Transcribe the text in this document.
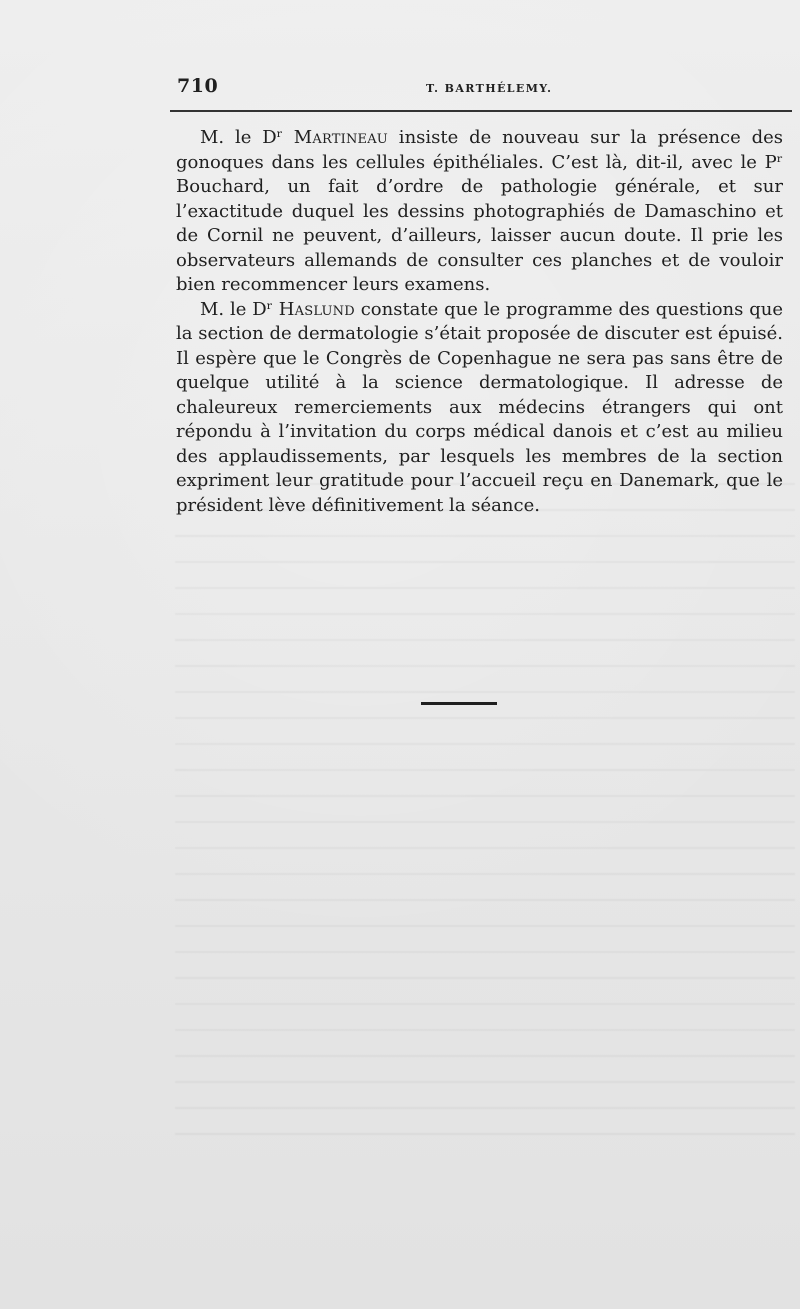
710	T. BARTHÉLEMY.

M. le Dʳ Martineau insiste de nouveau sur la présence des gonoques dans les cellules épithéliales. C’est là, dit-il, avec le Pʳ Bouchard, un fait d’ordre de pathologie générale, et sur l’exactitude duquel les dessins photographiés de Damaschino et de Cornil ne peuvent, d’ailleurs, laisser aucun doute. Il prie les observateurs allemands de consulter ces planches et de vouloir bien recommencer leurs examens.

M. le Dʳ Haslund constate que le programme des questions que la section de dermatologie s’était proposée de discuter est épuisé. Il espère que le Congrès de Copenhague ne sera pas sans être de quelque utilité à la science dermatologique. Il adresse de chaleureux remerciements aux médecins étrangers qui ont répondu à l’invitation du corps médical danois et c’est au milieu des applaudissements, par lesquels les membres de la section expriment leur gratitude pour l’accueil reçu en Danemark, que le président lève définitivement la séance.
